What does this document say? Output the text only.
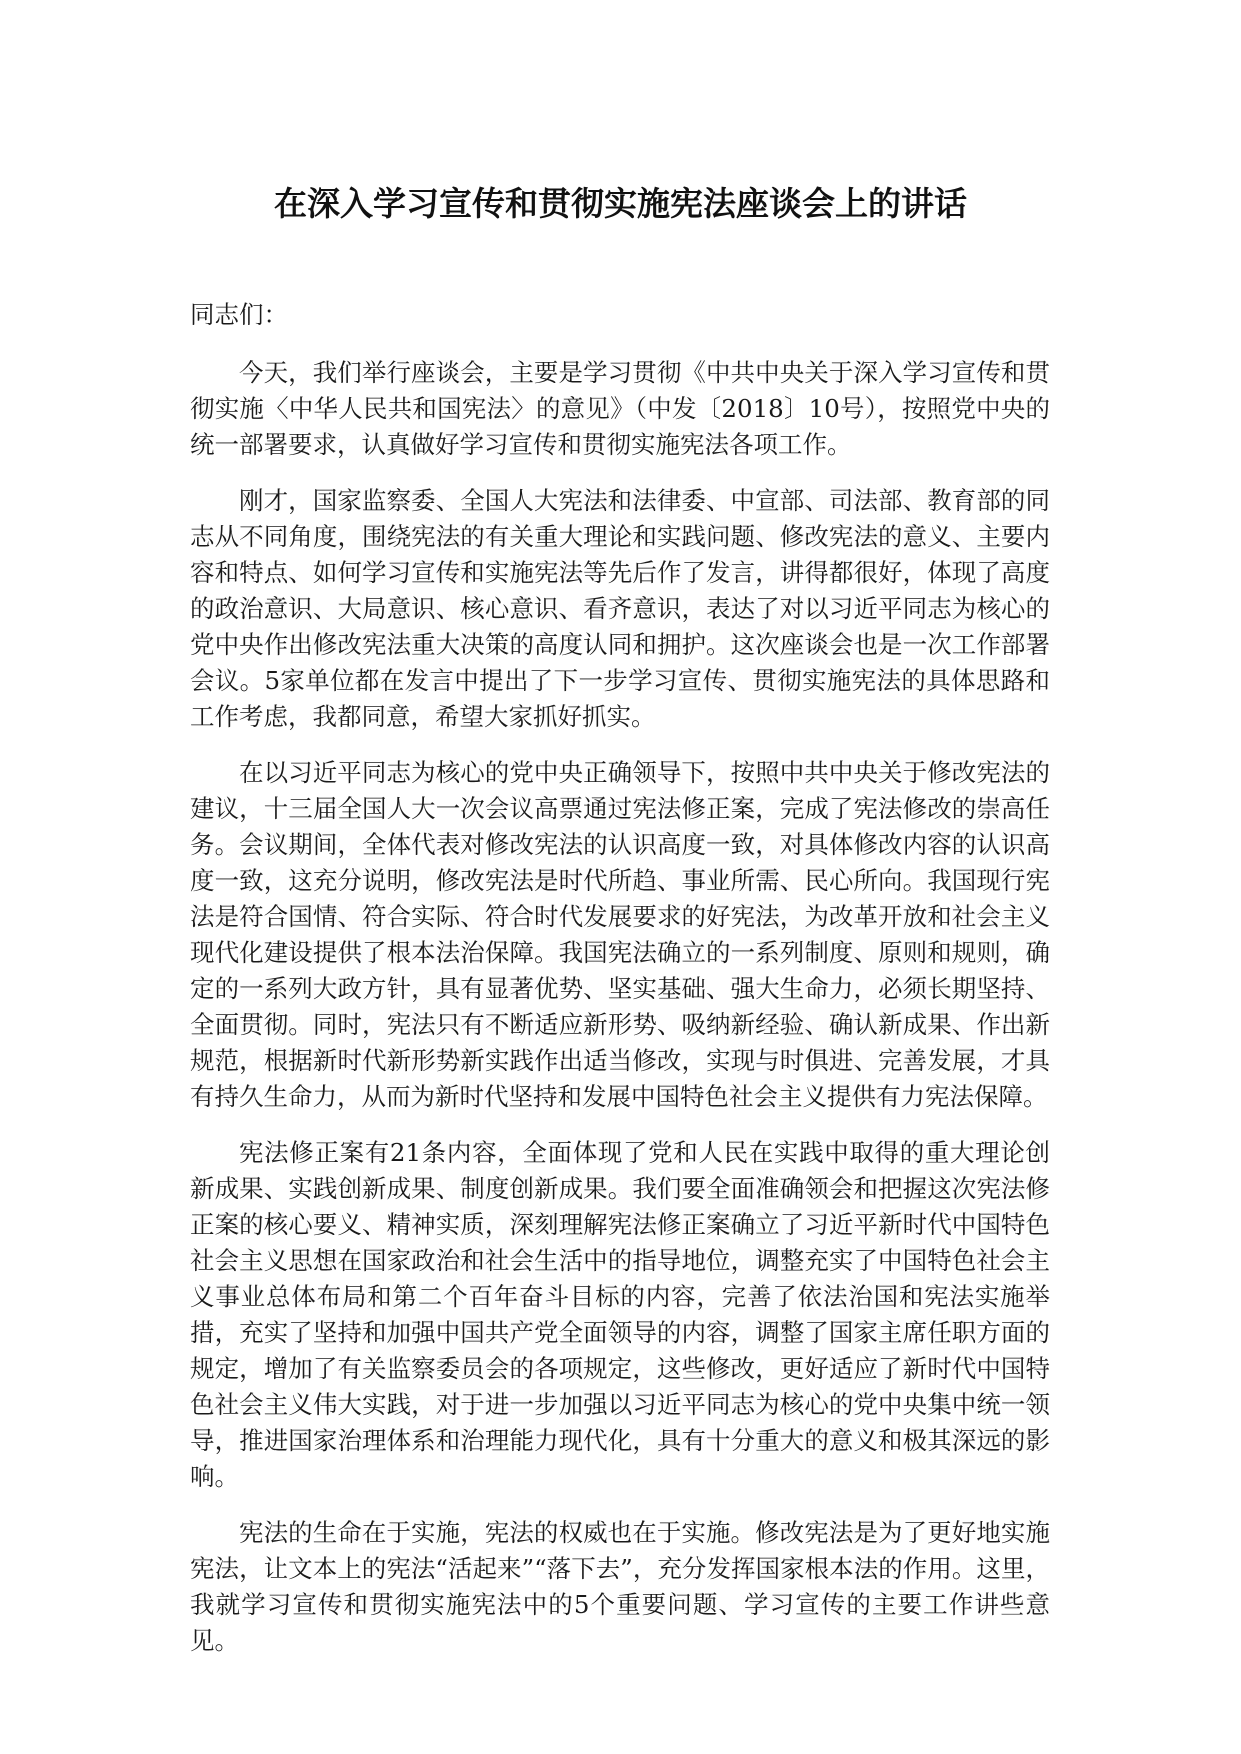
在深入学习宣传和贯彻实施宪法座谈会上的讲话

同志们：

今天，我们举行座谈会，主要是学习贯彻《中共中央关于深入学习宣传和贯彻实施〈中华人民共和国宪法〉的意见》（中发〔2018〕10号），按照党中央的统一部署要求，认真做好学习宣传和贯彻实施宪法各项工作。

刚才，国家监察委、全国人大宪法和法律委、中宣部、司法部、教育部的同志从不同角度，围绕宪法的有关重大理论和实践问题、修改宪法的意义、主要内容和特点、如何学习宣传和实施宪法等先后作了发言，讲得都很好，体现了高度的政治意识、大局意识、核心意识、看齐意识，表达了对以习近平同志为核心的党中央作出修改宪法重大决策的高度认同和拥护。这次座谈会也是一次工作部署会议。5家单位都在发言中提出了下一步学习宣传、贯彻实施宪法的具体思路和工作考虑，我都同意，希望大家抓好抓实。

在以习近平同志为核心的党中央正确领导下，按照中共中央关于修改宪法的建议，十三届全国人大一次会议高票通过宪法修正案，完成了宪法修改的崇高任务。会议期间，全体代表对修改宪法的认识高度一致，对具体修改内容的认识高度一致，这充分说明，修改宪法是时代所趋、事业所需、民心所向。我国现行宪法是符合国情、符合实际、符合时代发展要求的好宪法，为改革开放和社会主义现代化建设提供了根本法治保障。我国宪法确立的一系列制度、原则和规则，确定的一系列大政方针，具有显著优势、坚实基础、强大生命力，必须长期坚持、全面贯彻。同时，宪法只有不断适应新形势、吸纳新经验、确认新成果、作出新规范，根据新时代新形势新实践作出适当修改，实现与时俱进、完善发展，才具有持久生命力，从而为新时代坚持和发展中国特色社会主义提供有力宪法保障。

宪法修正案有21条内容，全面体现了党和人民在实践中取得的重大理论创新成果、实践创新成果、制度创新成果。我们要全面准确领会和把握这次宪法修正案的核心要义、精神实质，深刻理解宪法修正案确立了习近平新时代中国特色社会主义思想在国家政治和社会生活中的指导地位，调整充实了中国特色社会主义事业总体布局和第二个百年奋斗目标的内容，完善了依法治国和宪法实施举措，充实了坚持和加强中国共产党全面领导的内容，调整了国家主席任职方面的规定，增加了有关监察委员会的各项规定，这些修改，更好适应了新时代中国特色社会主义伟大实践，对于进一步加强以习近平同志为核心的党中央集中统一领导，推进国家治理体系和治理能力现代化，具有十分重大的意义和极其深远的影响。

宪法的生命在于实施，宪法的权威也在于实施。修改宪法是为了更好地实施宪法，让文本上的宪法“活起来”“落下去”，充分发挥国家根本法的作用。这里，我就学习宣传和贯彻实施宪法中的5个重要问题、学习宣传的主要工作讲些意见。
